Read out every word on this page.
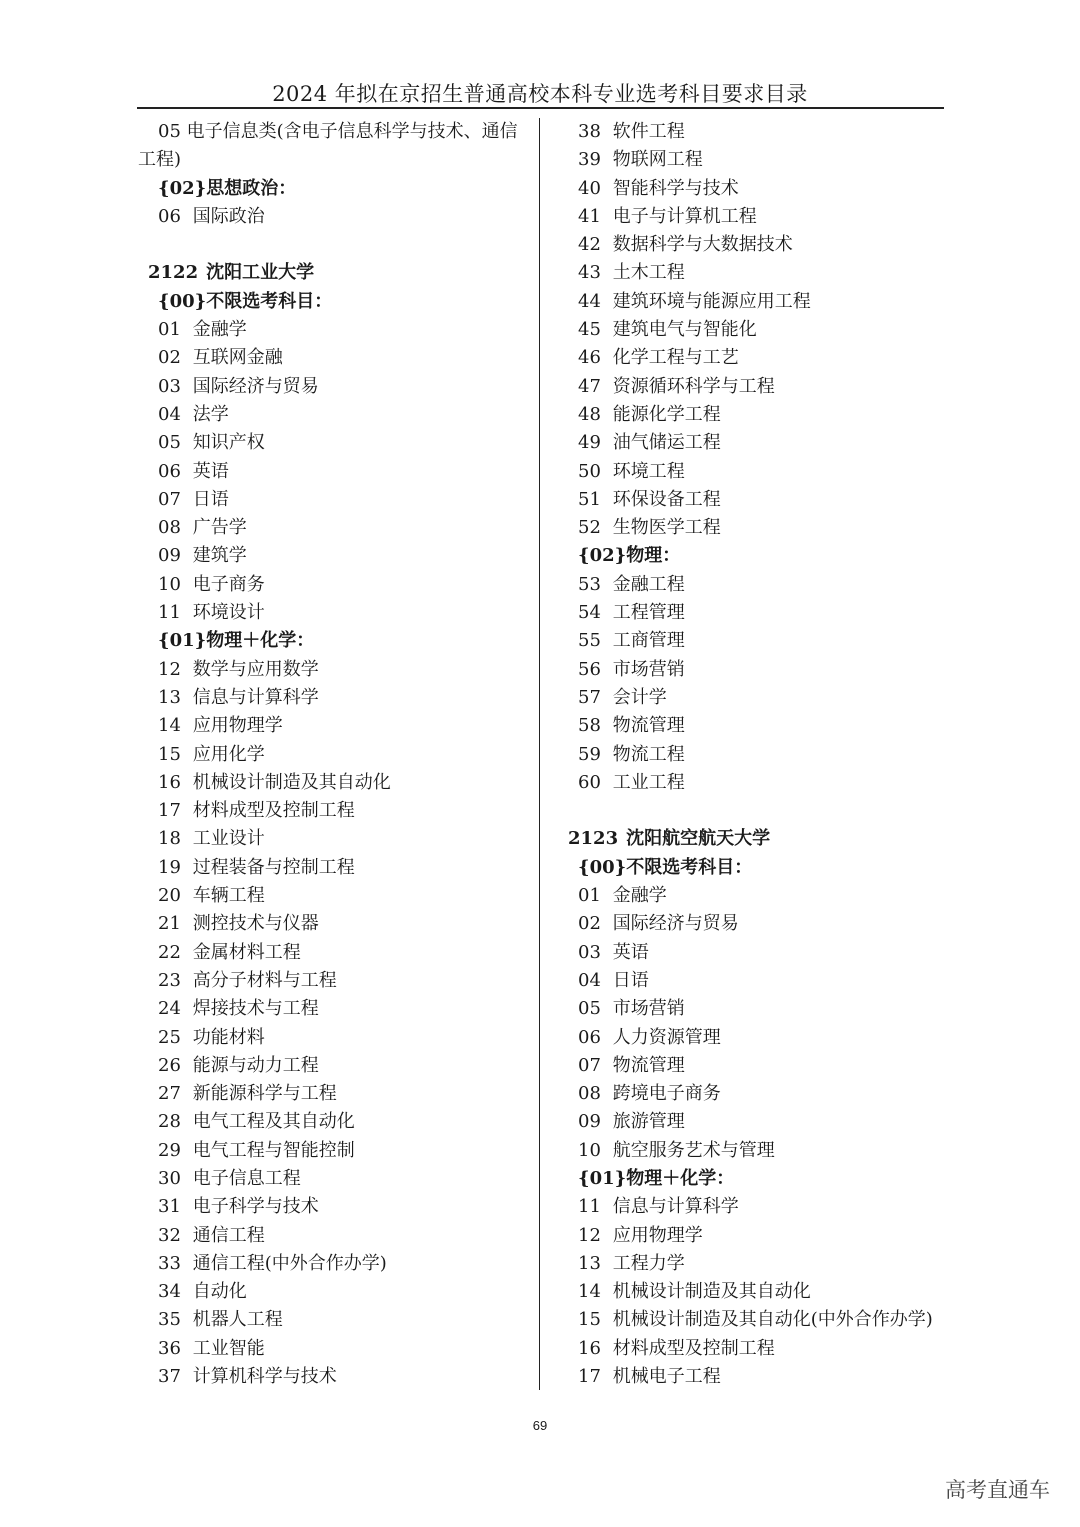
2024 年拟在京招生普通高校本科专业选考科目要求目录
05 电子信息类(含电子信息科学与技术、通信工程)
{02}思想政治：
06 国际政治
2122 沈阳工业大学
{00}不限选考科目：
01 金融学
02 互联网金融
03 国际经济与贸易
04 法学
05 知识产权
06 英语
07 日语
08 广告学
09 建筑学
10 电子商务
11 环境设计
{01}物理＋化学：
12 数学与应用数学
13 信息与计算科学
14 应用物理学
15 应用化学
16 机械设计制造及其自动化
17 材料成型及控制工程
18 工业设计
19 过程装备与控制工程
20 车辆工程
21 测控技术与仪器
22 金属材料工程
23 高分子材料与工程
24 焊接技术与工程
25 功能材料
26 能源与动力工程
27 新能源科学与工程
28 电气工程及其自动化
29 电气工程与智能控制
30 电子信息工程
31 电子科学与技术
32 通信工程
33 通信工程(中外合作办学)
34 自动化
35 机器人工程
36 工业智能
37 计算机科学与技术
38 软件工程
39 物联网工程
40 智能科学与技术
41 电子与计算机工程
42 数据科学与大数据技术
43 土木工程
44 建筑环境与能源应用工程
45 建筑电气与智能化
46 化学工程与工艺
47 资源循环科学与工程
48 能源化学工程
49 油气储运工程
50 环境工程
51 环保设备工程
52 生物医学工程
{02}物理：
53 金融工程
54 工程管理
55 工商管理
56 市场营销
57 会计学
58 物流管理
59 物流工程
60 工业工程
2123 沈阳航空航天大学
{00}不限选考科目：
01 金融学
02 国际经济与贸易
03 英语
04 日语
05 市场营销
06 人力资源管理
07 物流管理
08 跨境电子商务
09 旅游管理
10 航空服务艺术与管理
{01}物理＋化学：
11 信息与计算科学
12 应用物理学
13 工程力学
14 机械设计制造及其自动化
15 机械设计制造及其自动化(中外合作办学)
16 材料成型及控制工程
17 机械电子工程
69
高考直通车
